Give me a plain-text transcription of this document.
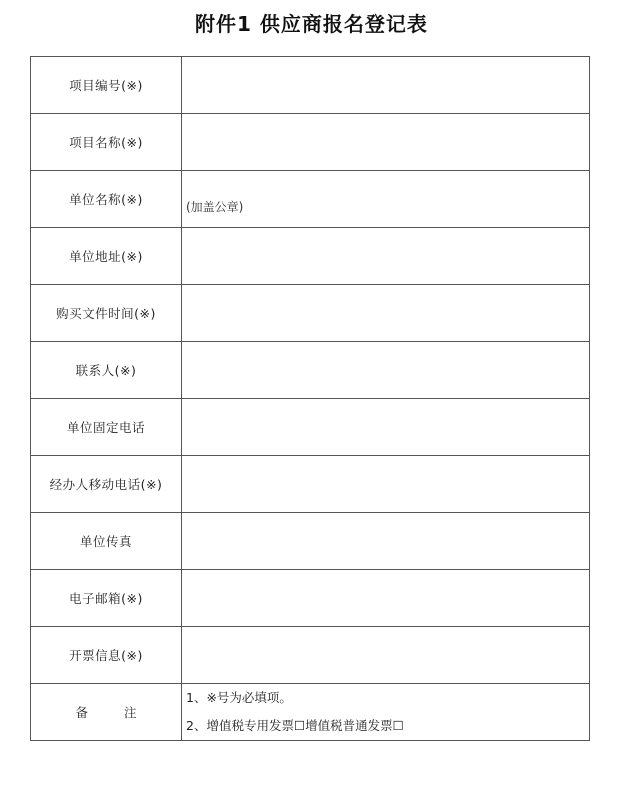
附件1 供应商报名登记表
项目编号(※)	
项目名称(※)	
单位名称(※)	(加盖公章)

单位地址(※)	
购买文件时间(※)	
联系人(※)	
单位固定电话	
经办人移动电话(※)	
单位传真	
电子邮箱(※)	
开票信息(※)	
备注	1、※号为必填项。
2、增值税专用发票☐增值税普通发票☐
